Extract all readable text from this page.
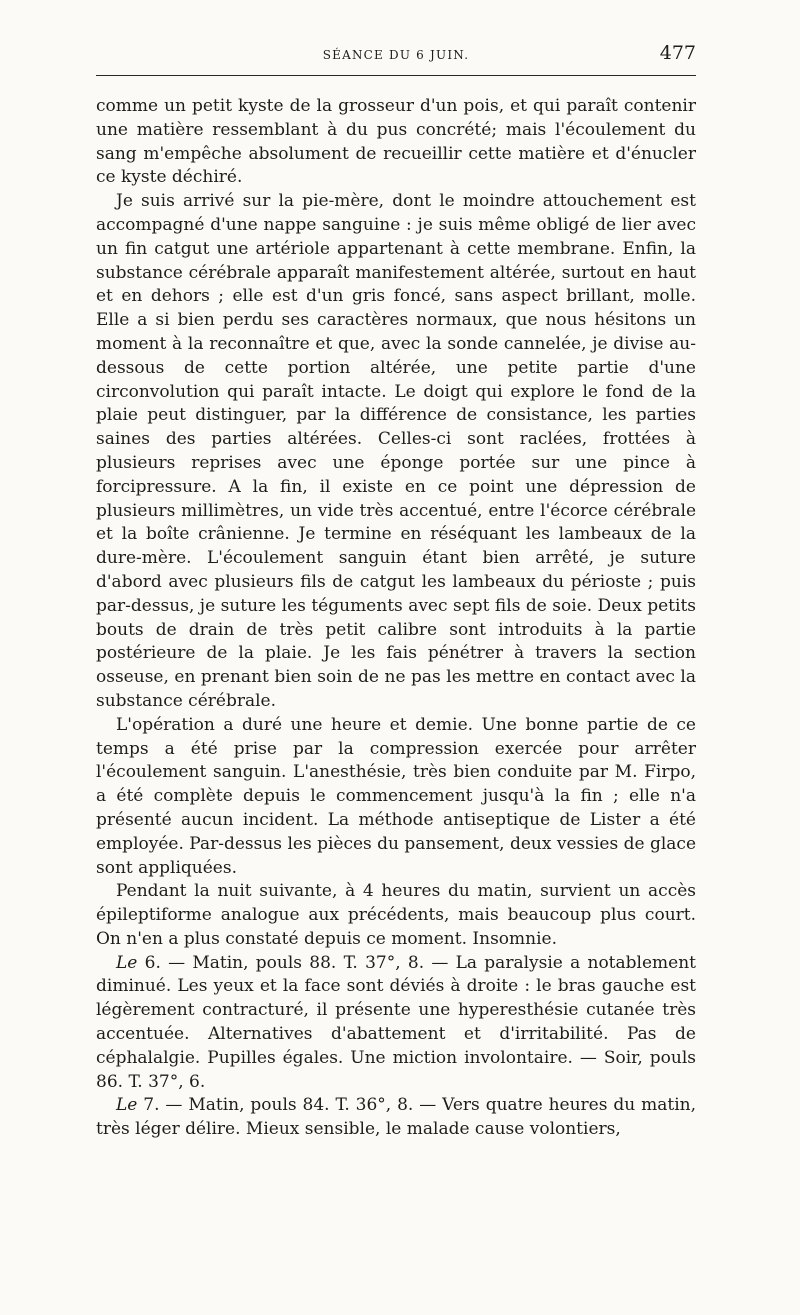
SÉANCE DU 6 JUIN.	477

comme un petit kyste de la grosseur d'un pois, et qui paraît contenir une matière ressemblant à du pus concrété; mais l'écoulement du sang m'empêche absolument de recueillir cette matière et d'énucler ce kyste déchiré.

Je suis arrivé sur la pie-mère, dont le moindre attouchement est accompagné d'une nappe sanguine : je suis même obligé de lier avec un fin catgut une artériole appartenant à cette membrane. Enfin, la substance cérébrale apparaît manifestement altérée, surtout en haut et en dehors ; elle est d'un gris foncé, sans aspect brillant, molle. Elle a si bien perdu ses caractères normaux, que nous hésitons un moment à la reconnaître et que, avec la sonde cannelée, je divise au-dessous de cette portion altérée, une petite partie d'une circonvolution qui paraît intacte. Le doigt qui explore le fond de la plaie peut distinguer, par la différence de consistance, les parties saines des parties altérées. Celles-ci sont raclées, frottées à plusieurs reprises avec une éponge portée sur une pince à forcipressure. A la fin, il existe en ce point une dépression de plusieurs millimètres, un vide très accentué, entre l'écorce cérébrale et la boîte crânienne. Je termine en réséquant les lambeaux de la dure-mère. L'écoulement sanguin étant bien arrêté, je suture d'abord avec plusieurs fils de catgut les lambeaux du périoste ; puis par-dessus, je suture les téguments avec sept fils de soie. Deux petits bouts de drain de très petit calibre sont introduits à la partie postérieure de la plaie. Je les fais pénétrer à travers la section osseuse, en prenant bien soin de ne pas les mettre en contact avec la substance cérébrale.

L'opération a duré une heure et demie. Une bonne partie de ce temps a été prise par la compression exercée pour arrêter l'écoulement sanguin. L'anesthésie, très bien conduite par M. Firpo, a été complète depuis le commencement jusqu'à la fin ; elle n'a présenté aucun incident. La méthode antiseptique de Lister a été employée. Par-dessus les pièces du pansement, deux vessies de glace sont appliquées.

Pendant la nuit suivante, à 4 heures du matin, survient un accès épileptiforme analogue aux précédents, mais beaucoup plus court. On n'en a plus constaté depuis ce moment. Insomnie.

Le 6. — Matin, pouls 88. T. 37°, 8. — La paralysie a notablement diminué. Les yeux et la face sont déviés à droite : le bras gauche est légèrement contracturé, il présente une hyperesthésie cutanée très accentuée. Alternatives d'abattement et d'irritabilité. Pas de céphalalgie. Pupilles égales. Une miction involontaire. — Soir, pouls 86. T. 37°, 6.

Le 7. — Matin, pouls 84. T. 36°, 8. — Vers quatre heures du matin, très léger délire. Mieux sensible, le malade cause volontiers,
